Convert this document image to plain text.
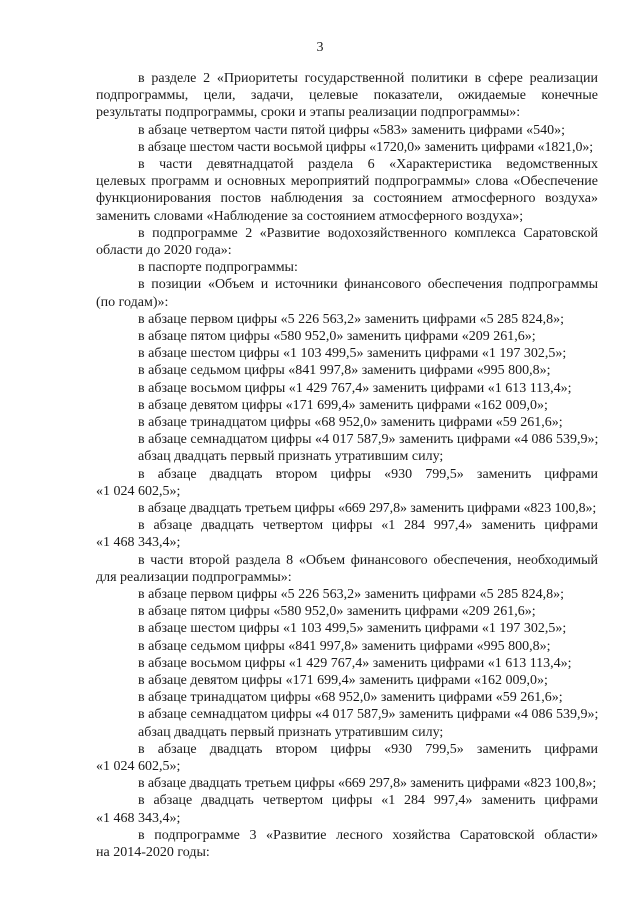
3
в разделе 2 «Приоритеты государственной политики в сфере реализации
подпрограммы, цели, задачи, целевые показатели, ожидаемые конечные
результаты подпрограммы, сроки и этапы реализации подпрограммы»:
в абзаце четвертом части пятой цифры «583» заменить цифрами «540»;
в абзаце шестом части восьмой цифры «1720,0» заменить цифрами «1821,0»;
в части девятнадцатой раздела 6 «Характеристика ведомственных
целевых программ и основных мероприятий подпрограммы» слова «Обеспечение
функционирования постов наблюдения за состоянием атмосферного воздуха»
заменить словами «Наблюдение за состоянием атмосферного воздуха»;
в подпрограмме 2 «Развитие водохозяйственного комплекса Саратовской
области до 2020 года»:
в паспорте подпрограммы:
в позиции «Объем и источники финансового обеспечения подпрограммы
(по годам)»:
в абзаце первом цифры «5 226 563,2» заменить цифрами «5 285 824,8»;
в абзаце пятом цифры «580 952,0» заменить цифрами «209 261,6»;
в абзаце шестом цифры «1 103 499,5» заменить цифрами «1 197 302,5»;
в абзаце седьмом цифры «841 997,8» заменить цифрами «995 800,8»;
в абзаце восьмом цифры «1 429 767,4» заменить цифрами «1 613 113,4»;
в абзаце девятом цифры «171 699,4» заменить цифрами «162 009,0»;
в абзаце тринадцатом цифры «68 952,0» заменить цифрами «59 261,6»;
в абзаце семнадцатом цифры «4 017 587,9» заменить цифрами «4 086 539,9»;
абзац двадцать первый признать утратившим силу;
в абзаце двадцать втором цифры «930 799,5» заменить цифрами
«1 024 602,5»;
в абзаце двадцать третьем цифры «669 297,8» заменить цифрами «823 100,8»;
в абзаце двадцать четвертом цифры «1 284 997,4» заменить цифрами
«1 468 343,4»;
в части второй раздела 8 «Объем финансового обеспечения, необходимый
для реализации подпрограммы»:
в абзаце первом цифры «5 226 563,2» заменить цифрами «5 285 824,8»;
в абзаце пятом цифры «580 952,0» заменить цифрами «209 261,6»;
в абзаце шестом цифры «1 103 499,5» заменить цифрами «1 197 302,5»;
в абзаце седьмом цифры «841 997,8» заменить цифрами «995 800,8»;
в абзаце восьмом цифры «1 429 767,4» заменить цифрами «1 613 113,4»;
в абзаце девятом цифры «171 699,4» заменить цифрами «162 009,0»;
в абзаце тринадцатом цифры «68 952,0» заменить цифрами «59 261,6»;
в абзаце семнадцатом цифры «4 017 587,9» заменить цифрами «4 086 539,9»;
абзац двадцать первый признать утратившим силу;
в абзаце двадцать втором цифры «930 799,5» заменить цифрами
«1 024 602,5»;
в абзаце двадцать третьем цифры «669 297,8» заменить цифрами «823 100,8»;
в абзаце двадцать четвертом цифры «1 284 997,4» заменить цифрами
«1 468 343,4»;
в подпрограмме 3 «Развитие лесного хозяйства Саратовской области»
на 2014-2020 годы:
